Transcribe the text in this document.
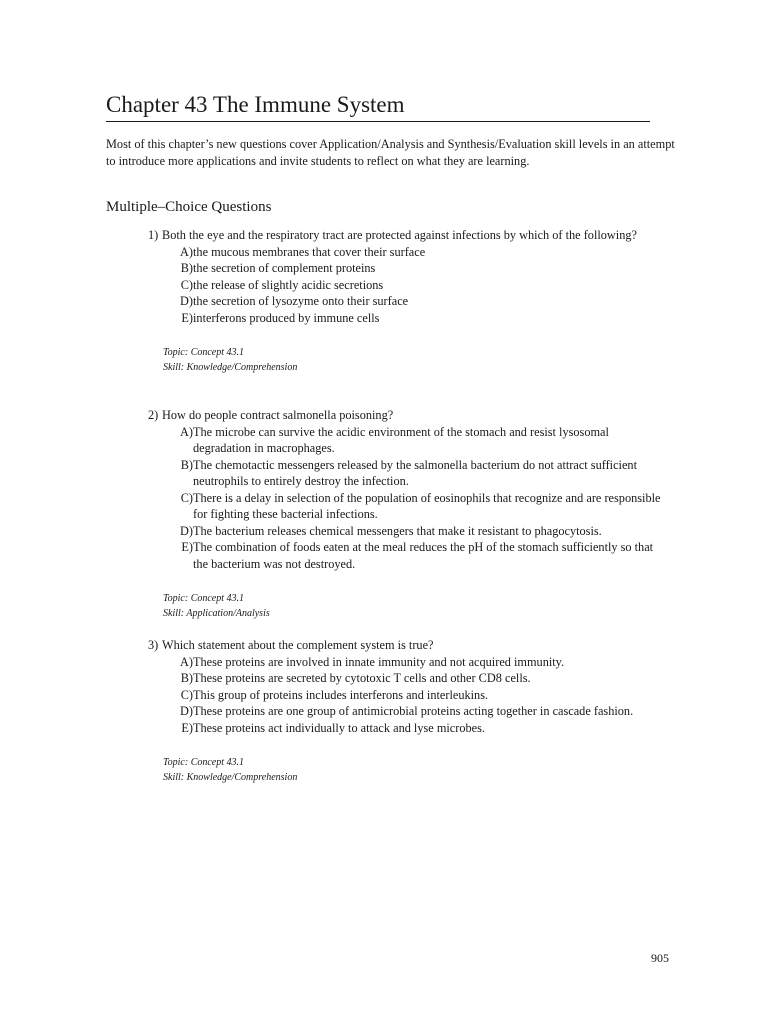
Chapter 43 The Immune System

Most of this chapter’s new questions cover Application/Analysis and Synthesis/Evaluation skill levels in an attempt to introduce more applications and invite students to reflect on what they are learning.

Multiple–Choice Questions
1) Both the eye and the respiratory tract are protected against infections by which of the following?
A) the mucous membranes that cover their surface
B) the secretion of complement proteins
C) the release of slightly acidic secretions
D) the secretion of lysozyme onto their surface
E) interferons produced by immune cells
Topic: Concept 43.1
Skill: Knowledge/Comprehension
2) How do people contract salmonella poisoning?
A) The microbe can survive the acidic environment of the stomach and resist lysosomal degradation in macrophages.
B) The chemotactic messengers released by the salmonella bacterium do not attract sufficient neutrophils to entirely destroy the infection.
C) There is a delay in selection of the population of eosinophils that recognize and are responsible for fighting these bacterial infections.
D) The bacterium releases chemical messengers that make it resistant to phagocytosis.
E) The combination of foods eaten at the meal reduces the pH of the stomach sufficiently so that the bacterium was not destroyed.
Topic: Concept 43.1
Skill: Application/Analysis
3) Which statement about the complement system is true?
A) These proteins are involved in innate immunity and not acquired immunity.
B) These proteins are secreted by cytotoxic T cells and other CD8 cells.
C) This group of proteins includes interferons and interleukins.
D) These proteins are one group of antimicrobial proteins acting together in cascade fashion.
E) These proteins act individually to attack and lyse microbes.
Topic: Concept 43.1
Skill: Knowledge/Comprehension
905
